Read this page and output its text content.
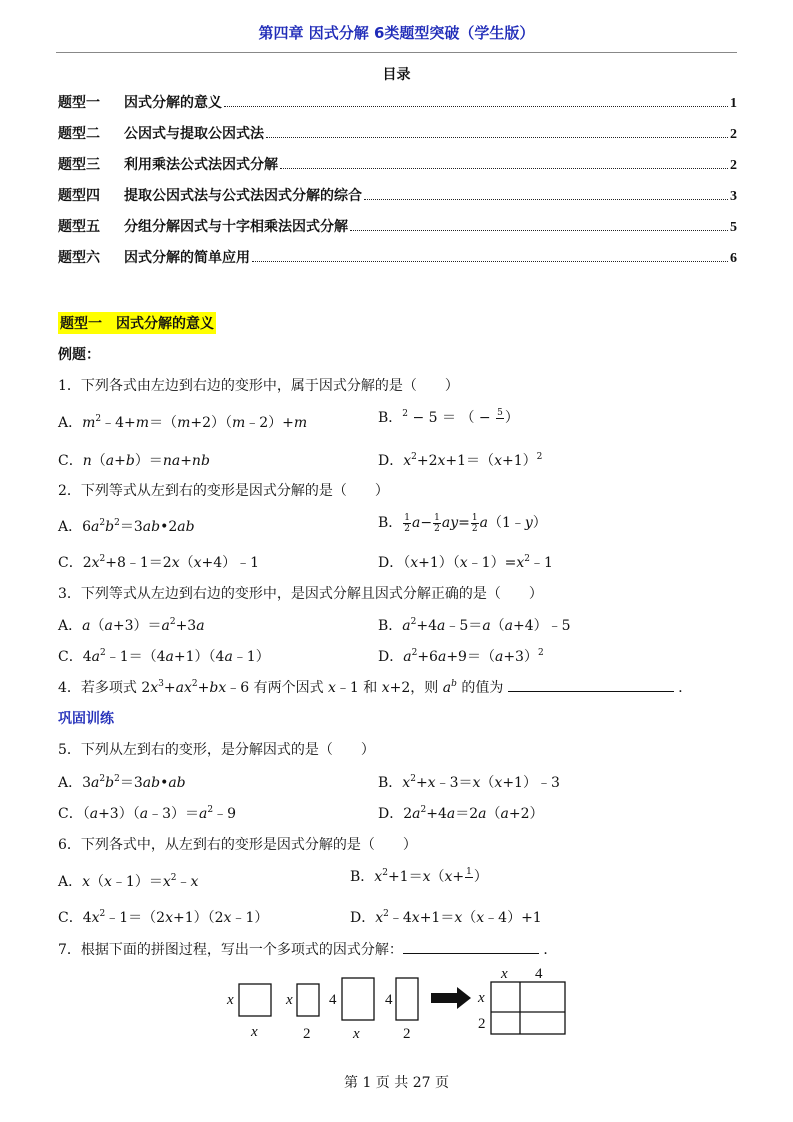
第四章 因式分解 6类题型突破（学生版）
目录
题型一	因式分解的意义	1
题型二	公因式与提取公因式法	2
题型三	利用乘法公式法因式分解	2
题型四	提取公因式法与公式法因式分解的综合	3
题型五	分组分解因式与十字相乘法因式分解	5
题型六	因式分解的简单应用	6
题型一　因式分解的意义
例题：
1．下列各式由左边到右边的变形中，属于因式分解的是（　　）
A．$m^2﹣4+m=(m+2)(m﹣2)+m$	B．$^2$ − 5 ＝ （ − 5
）
C．n（a+b）＝na+nb	D．$x^2+2x+1=(x+1)^2$
2．下列等式从左到右的变形是因式分解的是（　　）
A．$6a^2b^2=3ab•2ab$	B． $\frac{1}{2} a- \frac{1}{2} ay= \frac{1}{2}$ a（1﹣y）
C．$2x^2+8﹣1=2x(x+4)﹣1$	D．$(x+1)(x﹣1)=x^2﹣1$
3．下列等式从左边到右边的变形中，是因式分解且因式分解正确的是（　　）
A．$a(a+3)=a^2+3a$	B．$a^2+4a﹣5=a(a+4)﹣5$
C．$4a^2﹣1=(4a+1)(4a﹣1)$	D．$a^2+6a+9=(a+3)^2$
4．若多项式 $2x^3+ax^2+bx﹣6$ 有两个因式 x﹣1 和 x+2，则 $a^b$ 的值为	．
巩固训练
5．下列从左到右的变形，是分解因式的是（　　）
A．$3a^2b^2=3ab•ab$	B．$x^2+x﹣3=x(x+1)﹣3$
C．$(a+3)(a﹣3)=a^2﹣9$	D．$2a^2+4a=2a(a+2)$
6．下列各式中，从左到右的变形是因式分解的是（　　）
A．$x(x﹣1)=x^2﹣x$	B．$x^2+1=x(x+ 1$
）
C．$4x^2﹣1=(2x+1)(2x﹣1)$	D．$x^2﹣4x+1=x(x﹣4)+1$
7．根据下面的拼图过程，写出一个多项式的因式分解：	．
x
x
x
x
x
x
2
4	4
2
4
2
第 1 页 共 27 页
